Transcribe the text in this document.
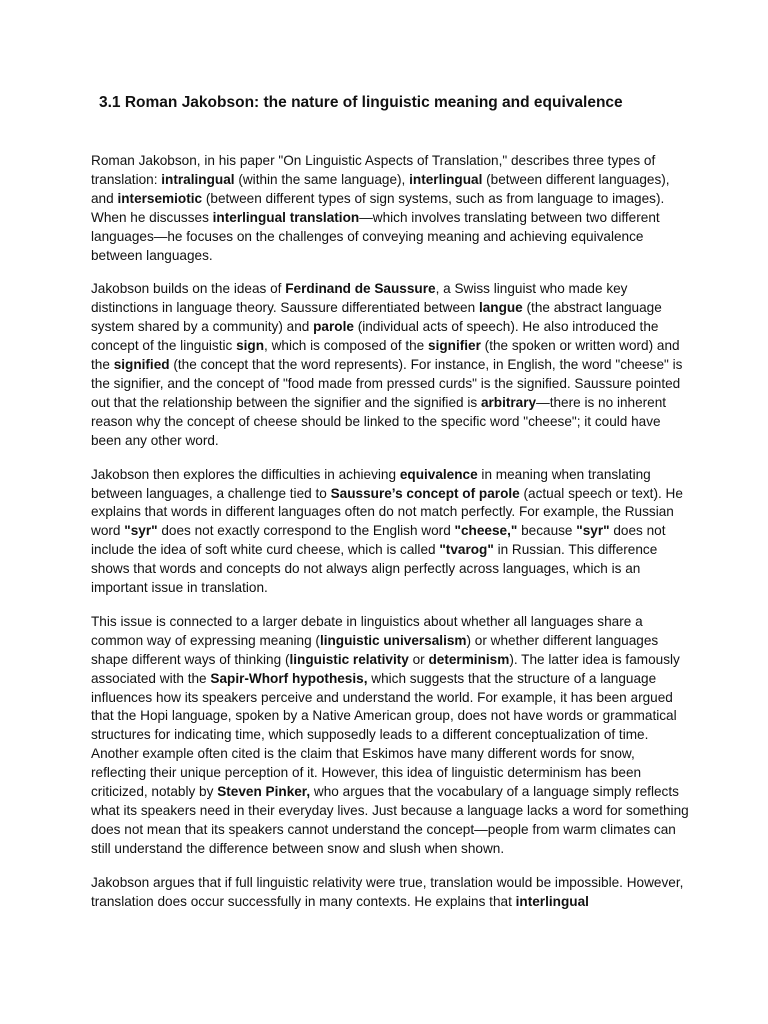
3.1 Roman Jakobson: the nature of linguistic meaning and equivalence

Roman Jakobson, in his paper "On Linguistic Aspects of Translation," describes three types of translation: intralingual (within the same language), interlingual (between different languages), and intersemiotic (between different types of sign systems, such as from language to images). When he discusses interlingual translation—which involves translating between two different languages—he focuses on the challenges of conveying meaning and achieving equivalence between languages.

Jakobson builds on the ideas of Ferdinand de Saussure, a Swiss linguist who made key distinctions in language theory. Saussure differentiated between langue (the abstract language system shared by a community) and parole (individual acts of speech). He also introduced the concept of the linguistic sign, which is composed of the signifier (the spoken or written word) and the signified (the concept that the word represents). For instance, in English, the word "cheese" is the signifier, and the concept of "food made from pressed curds" is the signified. Saussure pointed out that the relationship between the signifier and the signified is arbitrary—there is no inherent reason why the concept of cheese should be linked to the specific word "cheese"; it could have been any other word.

Jakobson then explores the difficulties in achieving equivalence in meaning when translating between languages, a challenge tied to Saussure’s concept of parole (actual speech or text). He explains that words in different languages often do not match perfectly. For example, the Russian word "syr" does not exactly correspond to the English word "cheese," because "syr" does not include the idea of soft white curd cheese, which is called "tvarog" in Russian. This difference shows that words and concepts do not always align perfectly across languages, which is an important issue in translation.

This issue is connected to a larger debate in linguistics about whether all languages share a common way of expressing meaning (linguistic universalism) or whether different languages shape different ways of thinking (linguistic relativity or determinism). The latter idea is famously associated with the Sapir-Whorf hypothesis, which suggests that the structure of a language influences how its speakers perceive and understand the world. For example, it has been argued that the Hopi language, spoken by a Native American group, does not have words or grammatical structures for indicating time, which supposedly leads to a different conceptualization of time. Another example often cited is the claim that Eskimos have many different words for snow, reflecting their unique perception of it. However, this idea of linguistic determinism has been criticized, notably by Steven Pinker, who argues that the vocabulary of a language simply reflects what its speakers need in their everyday lives. Just because a language lacks a word for something does not mean that its speakers cannot understand the concept—people from warm climates can still understand the difference between snow and slush when shown.

Jakobson argues that if full linguistic relativity were true, translation would be impossible. However, translation does occur successfully in many contexts. He explains that interlingual
